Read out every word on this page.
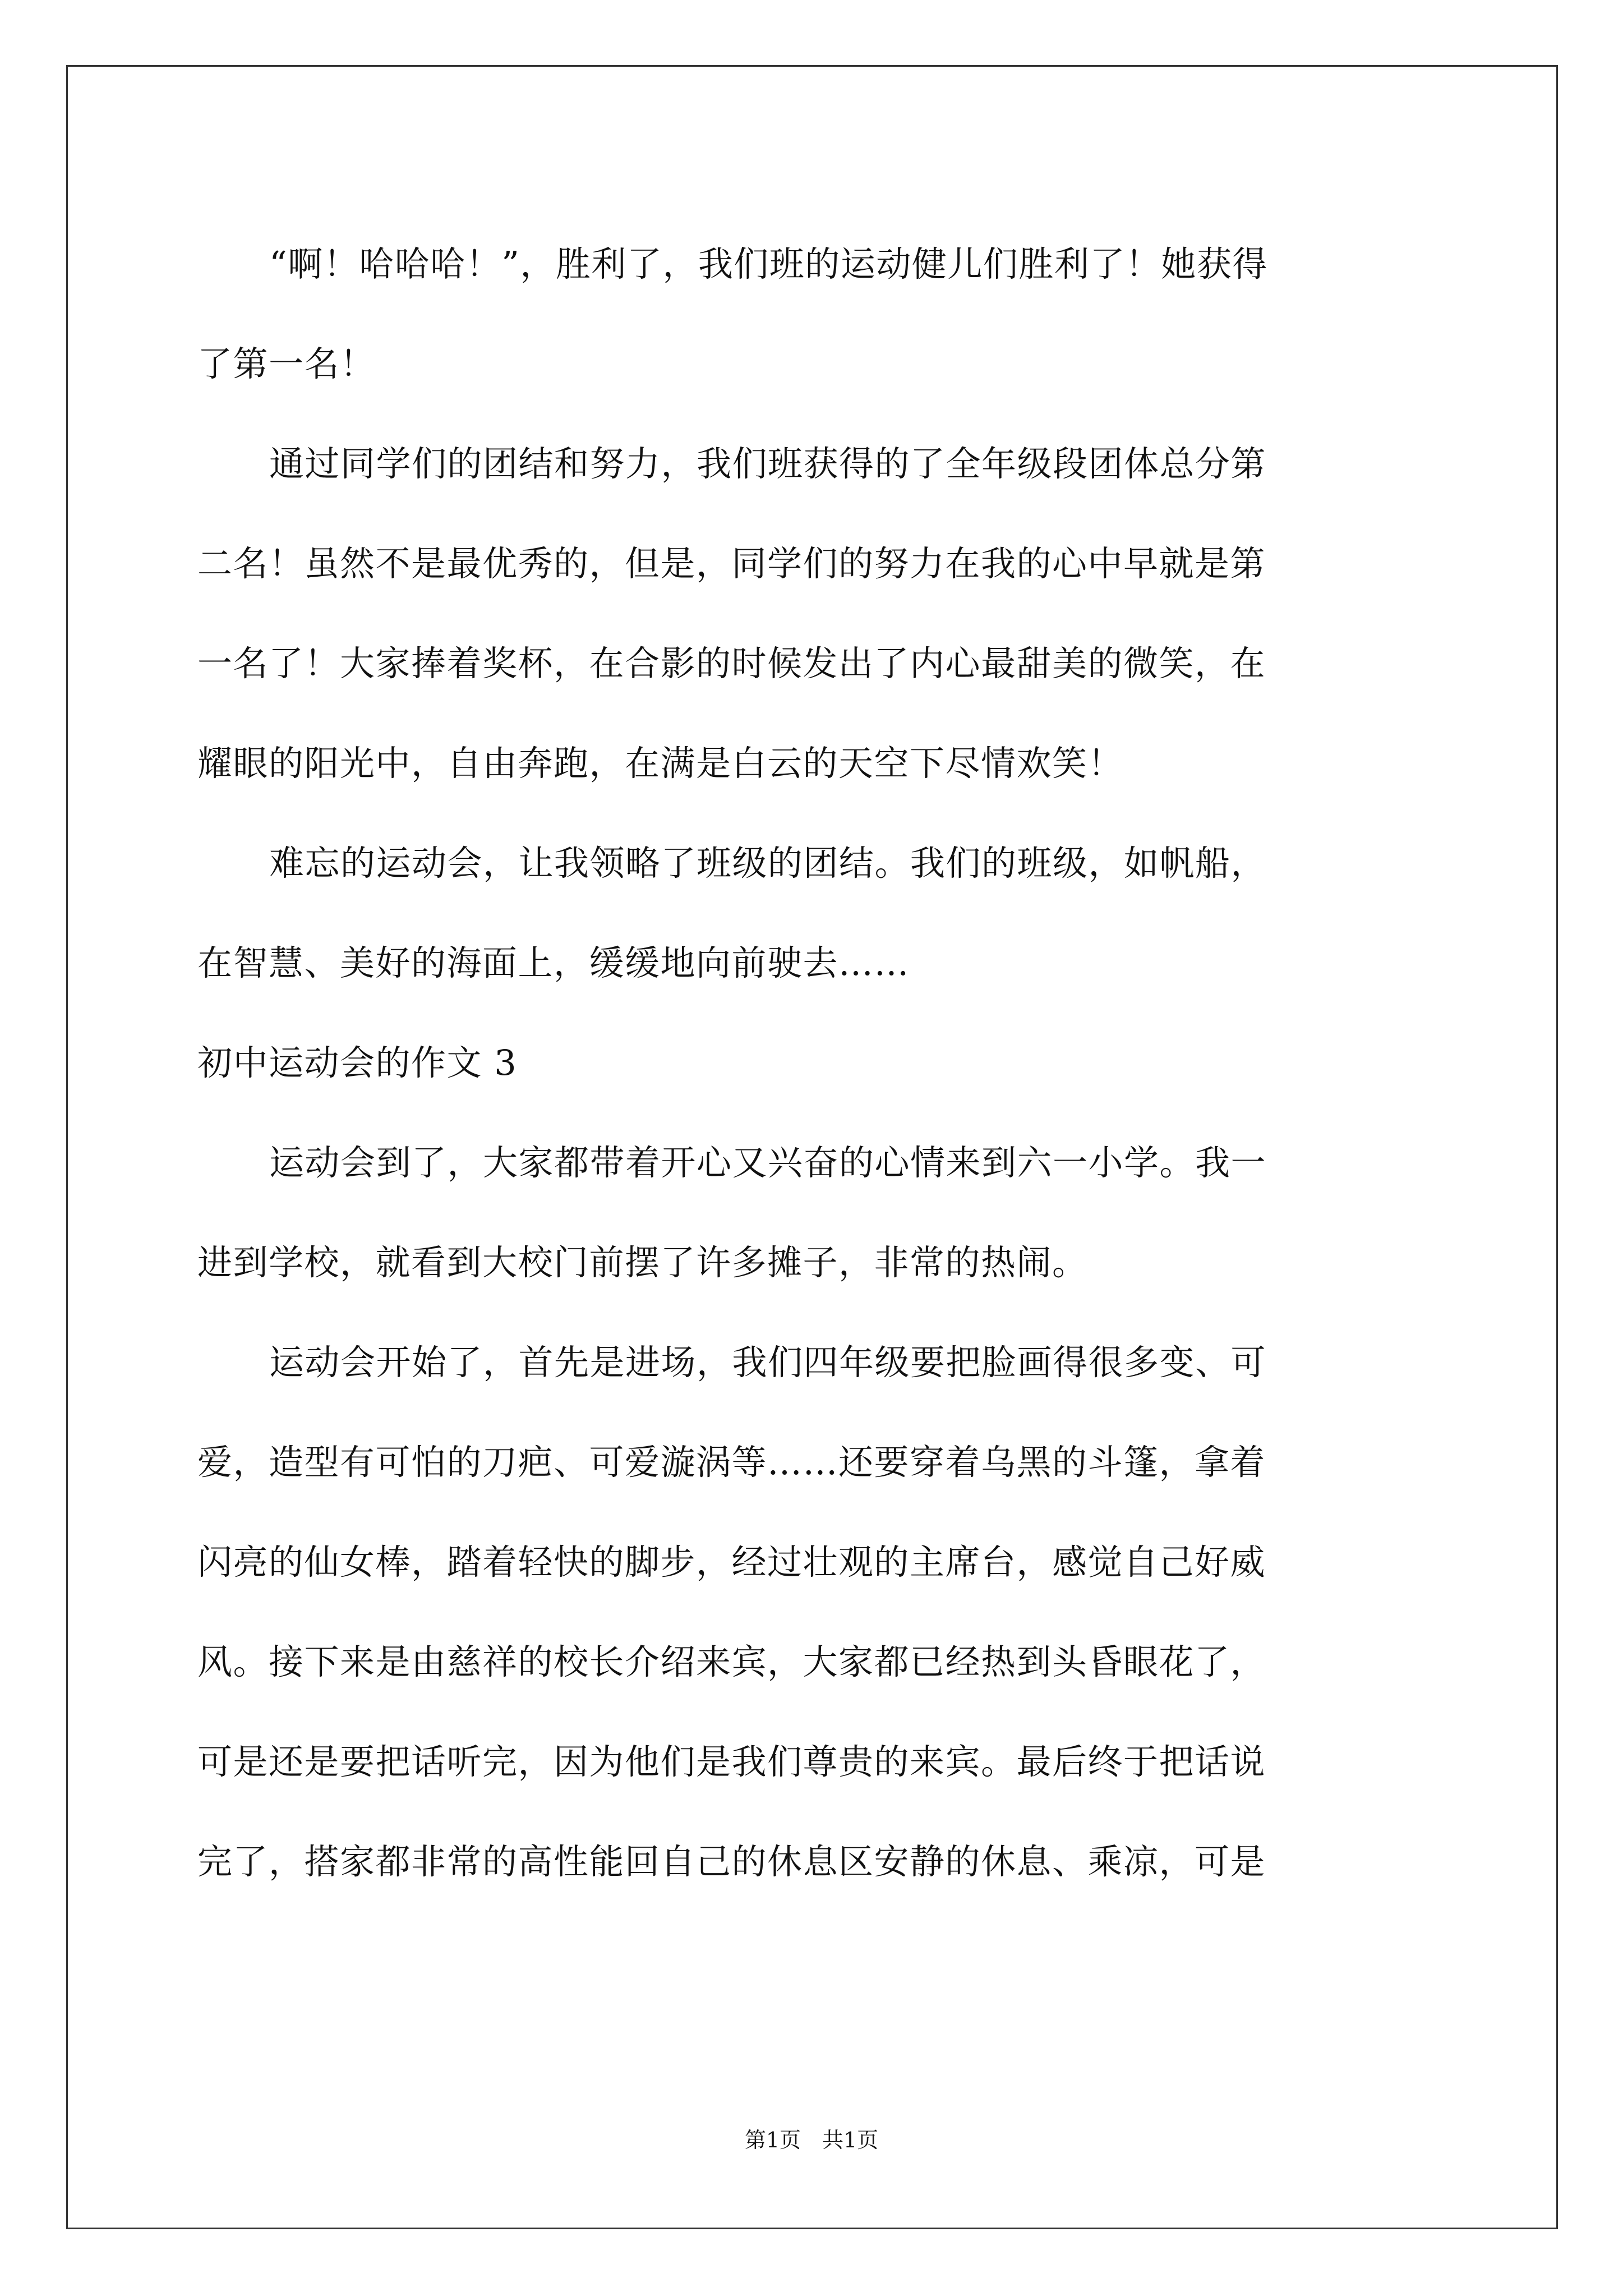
“啊！哈哈哈！”，胜利了，我们班的运动健儿们胜利了！她获得

了第一名！

通过同学们的团结和努力，我们班获得的了全年级段团体总分第

二名！虽然不是最优秀的，但是，同学们的努力在我的心中早就是第

一名了！大家捧着奖杯，在合影的时候发出了内心最甜美的微笑，在

耀眼的阳光中，自由奔跑，在满是白云的天空下尽情欢笑！

难忘的运动会，让我领略了班级的团结。我们的班级，如帆船，

在智慧、美好的海面上，缓缓地向前驶去……

初中运动会的作文 3

运动会到了，大家都带着开心又兴奋的心情来到六一小学。我一

进到学校，就看到大校门前摆了许多摊子，非常的热闹。

运动会开始了，首先是进场，我们四年级要把脸画得很多变、可

爱，造型有可怕的刀疤、可爱漩涡等……还要穿着乌黑的斗篷，拿着

闪亮的仙女棒，踏着轻快的脚步，经过壮观的主席台，感觉自己好威

风。接下来是由慈祥的校长介绍来宾，大家都已经热到头昏眼花了，

可是还是要把话听完，因为他们是我们尊贵的来宾。最后终于把话说

完了，搭家都非常的高性能回自己的休息区安静的休息、乘凉，可是

第1页　共1页
